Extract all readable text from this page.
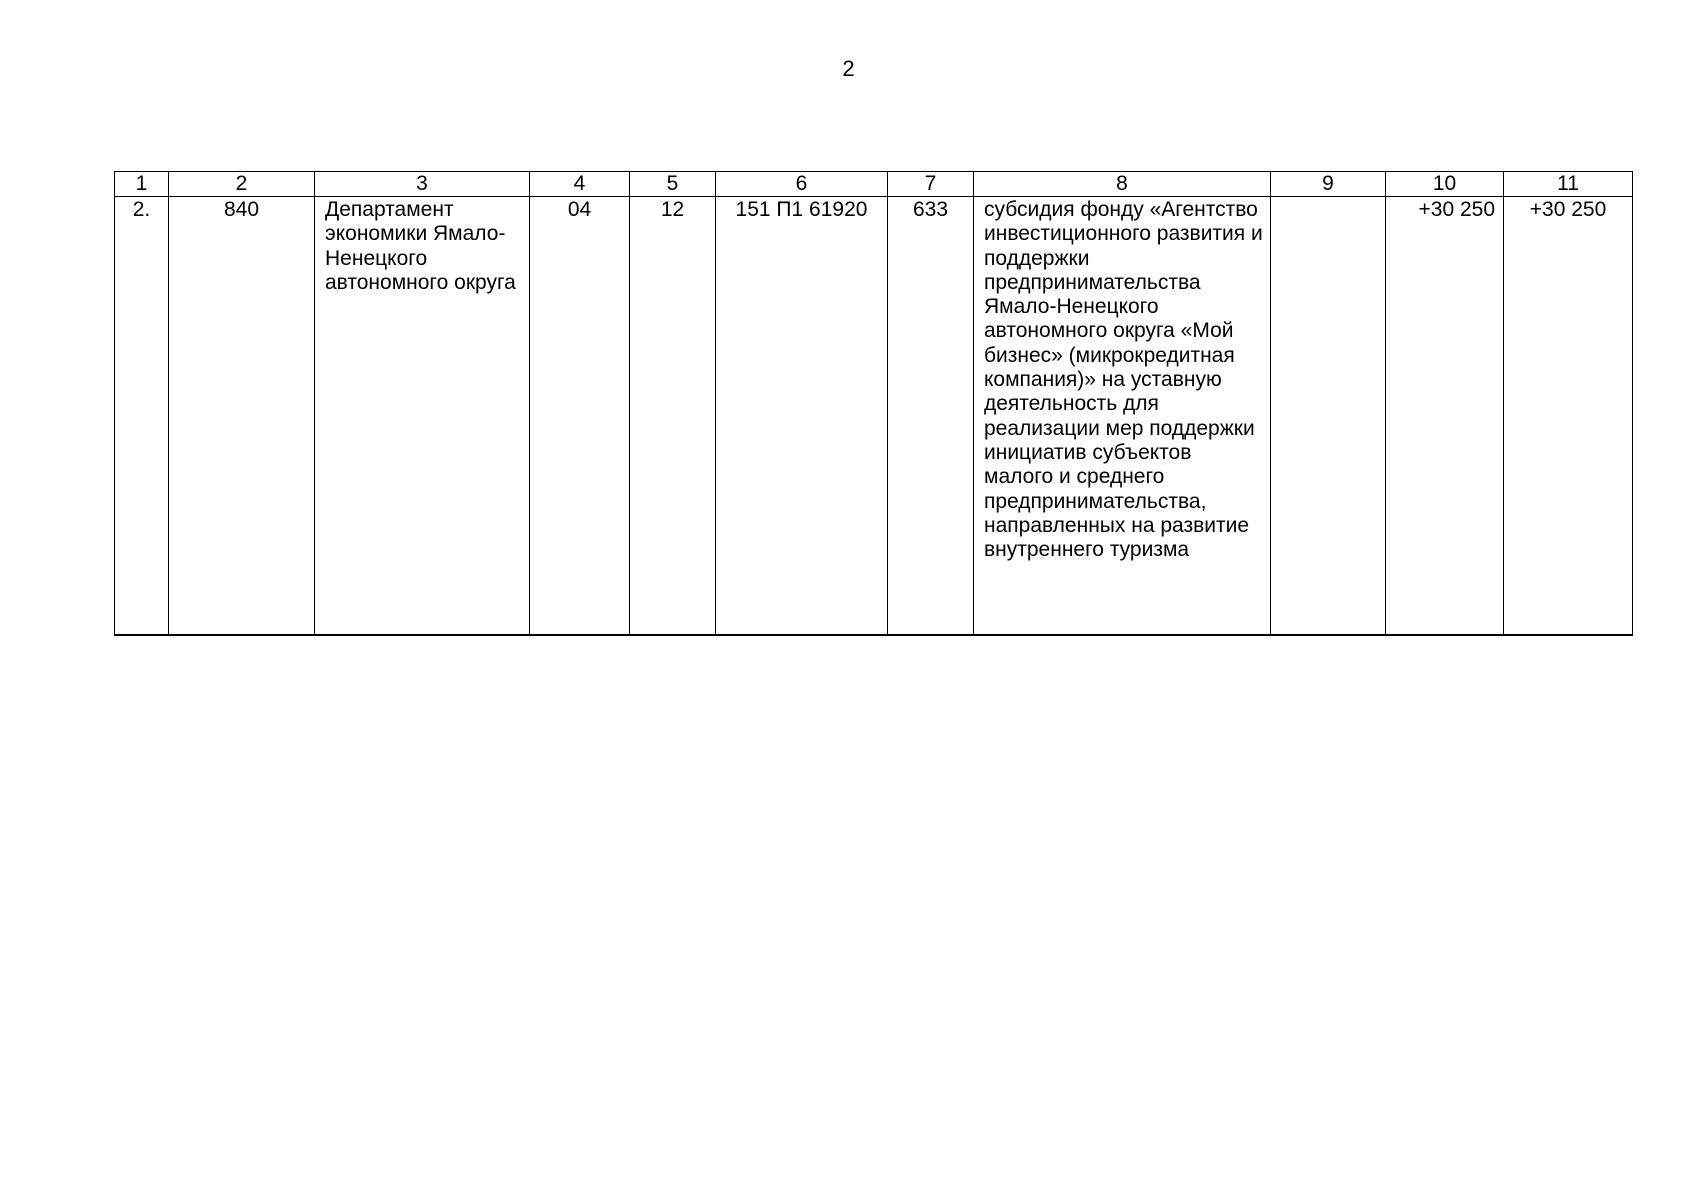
2
1	2	3	4	5	6	7	8	9	10	11
2.	840	Департамент экономики Ямало-Ненецкого автономного округа	04	12	151 П1 61920	633	субсидия фонду «Агентство инвестиционного развития и поддержки предпринимательства Ямало-Ненецкого автономного округа «Мой бизнес» (микрокредитная компания)» на уставную деятельность для реализации мер поддержки инициатив субъектов малого и среднего предпринимательства, направленных на развитие внутреннего туризма		+30 250	+30 250
